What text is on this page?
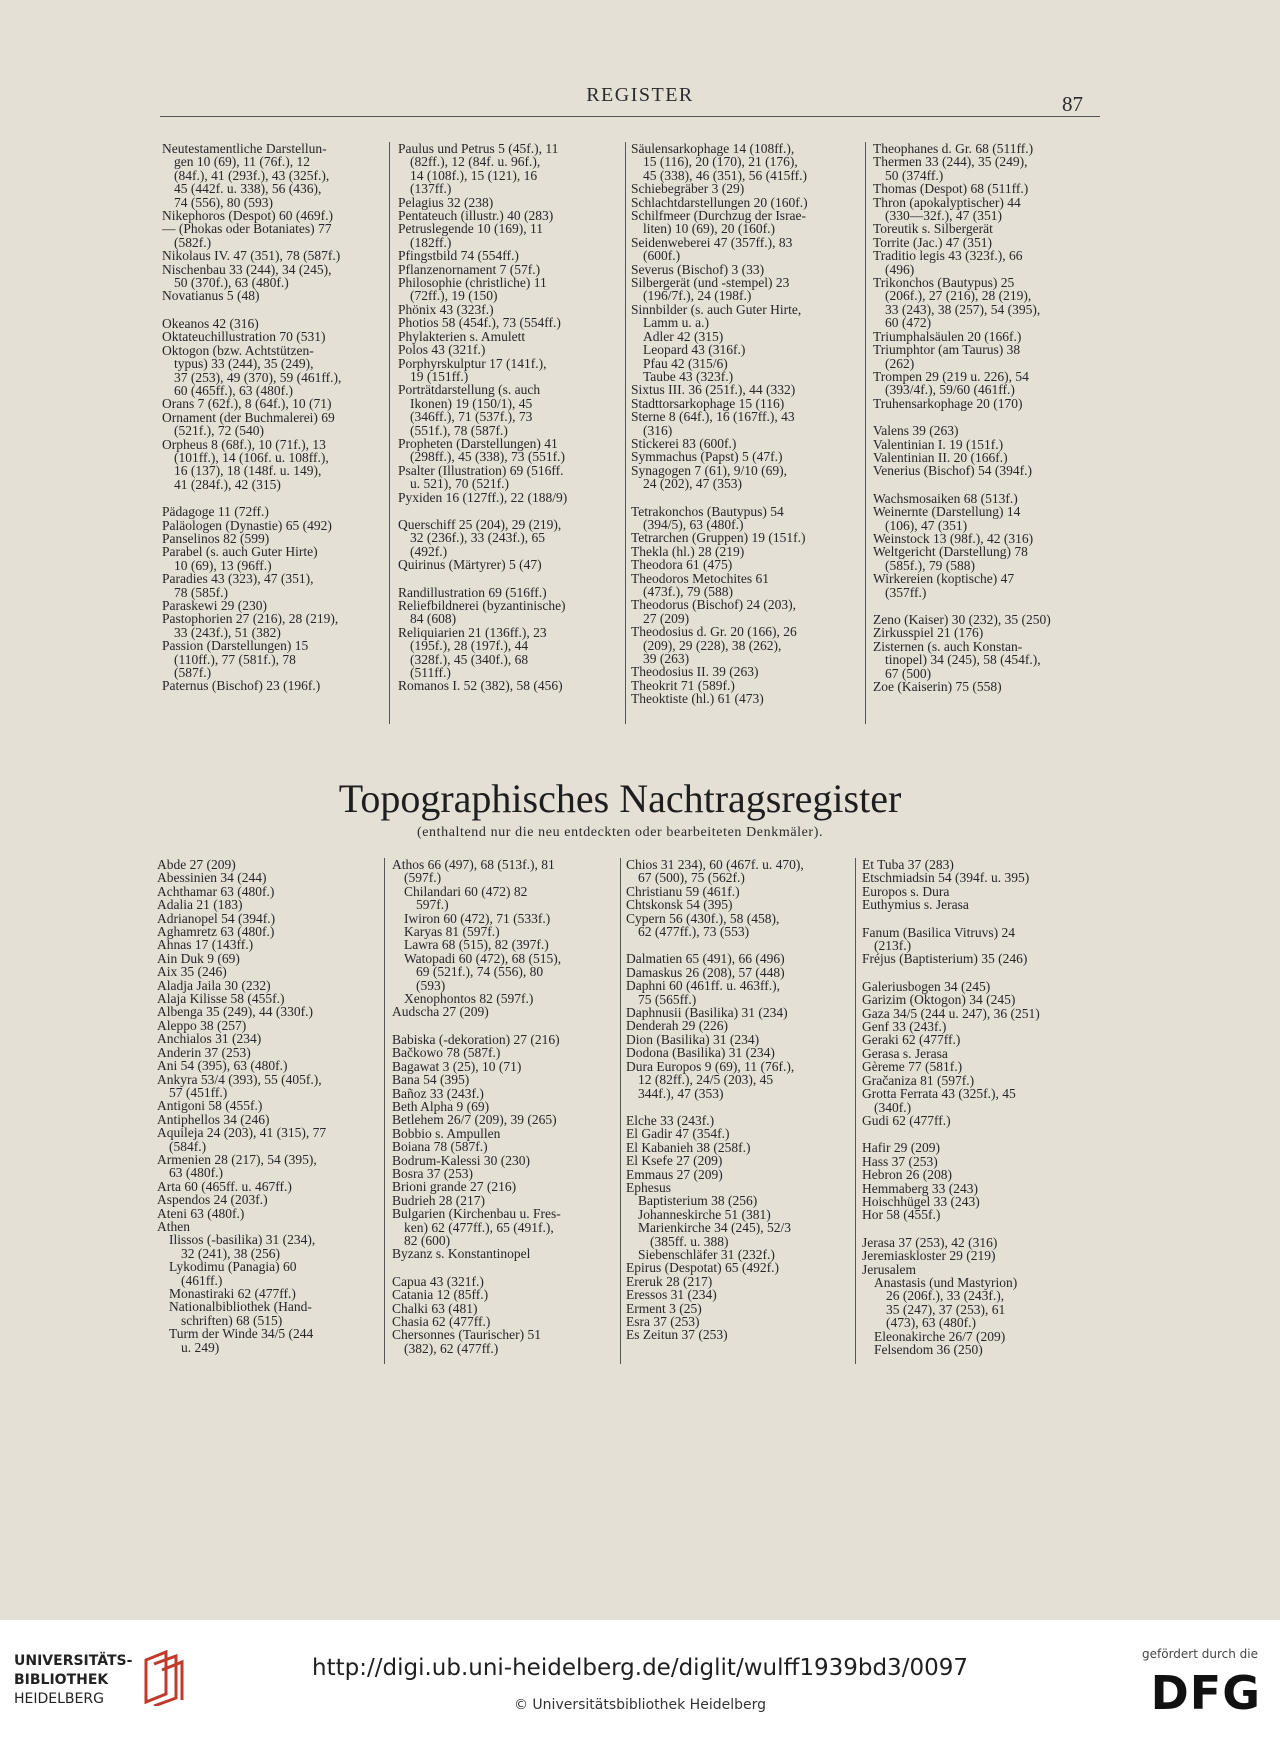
REGISTER	87
Neutestamentliche Darstellun-
gen 10 (69), 11 (76f.), 12
(84f.), 41 (293f.), 43 (325f.),
45 (442f. u. 338), 56 (436),
74 (556), 80 (593)
Nikephoros (Despot) 60 (469f.)
— (Phokas oder Botaniates) 77
(582f.)
Nikolaus IV. 47 (351), 78 (587f.)
Nischenbau 33 (244), 34 (245),
50 (370f.), 63 (480f.)
Novatianus 5 (48)
Okeanos 42 (316)
Oktateuchillustration 70 (531)
Oktogon (bzw. Achtstützen-
typus) 33 (244), 35 (249),
37 (253), 49 (370), 59 (461ff.),
60 (465ff.), 63 (480f.)
Orans 7 (62f.), 8 (64f.), 10 (71)
Ornament (der Buchmalerei) 69
(521f.), 72 (540)
Orpheus 8 (68f.), 10 (71f.), 13
(101ff.), 14 (106f. u. 108ff.),
16 (137), 18 (148f. u. 149),
41 (284f.), 42 (315)
Pädagoge 11 (72ff.)
Paläologen (Dynastie) 65 (492)
Panselinos 82 (599)
Parabel (s. auch Guter Hirte)
10 (69), 13 (96ff.)
Paradies 43 (323), 47 (351),
78 (585f.)
Paraskewi 29 (230)
Pastophorien 27 (216), 28 (219),
33 (243f.), 51 (382)
Passion (Darstellungen) 15
(110ff.), 77 (581f.), 78
(587f.)
Paternus (Bischof) 23 (196f.)
Paulus und Petrus 5 (45f.), 11
(82ff.), 12 (84f. u. 96f.),
14 (108f.), 15 (121), 16
(137ff.)
Pelagius 32 (238)
Pentateuch (illustr.) 40 (283)
Petruslegende 10 (169), 11
(182ff.)
Pfingstbild 74 (554ff.)
Pflanzenornament 7 (57f.)
Philosophie (christliche) 11
(72ff.), 19 (150)
Phönix 43 (323f.)
Photios 58 (454f.), 73 (554ff.)
Phylakterien s. Amulett
Polos 43 (321f.)
Porphyrskulptur 17 (141f.),
19 (151ff.)
Porträtdarstellung (s. auch
Ikonen) 19 (150/1), 45
(346ff.), 71 (537f.), 73
(551f.), 78 (587f.)
Propheten (Darstellungen) 41
(298ff.), 45 (338), 73 (551f.)
Psalter (Illustration) 69 (516ff.
u. 521), 70 (521f.)
Pyxiden 16 (127ff.), 22 (188/9)
Querschiff 25 (204), 29 (219),
32 (236f.), 33 (243f.), 65
(492f.)
Quirinus (Märtyrer) 5 (47)
Randillustration 69 (516ff.)
Reliefbildnerei (byzantinische)
84 (608)
Reliquiarien 21 (136ff.), 23
(195f.), 28 (197f.), 44
(328f.), 45 (340f.), 68
(511ff.)
Romanos I. 52 (382), 58 (456)
Säulensarkophage 14 (108ff.),
15 (116), 20 (170), 21 (176),
45 (338), 46 (351), 56 (415ff.)
Schiebegräber 3 (29)
Schlachtdarstellungen 20 (160f.)
Schilfmeer (Durchzug der Israe-
liten) 10 (69), 20 (160f.)
Seidenweberei 47 (357ff.), 83
(600f.)
Severus (Bischof) 3 (33)
Silbergerät (und -stempel) 23
(196/7f.), 24 (198f.)
Sinnbilder (s. auch Guter Hirte,
Lamm u. a.)
Adler 42 (315)
Leopard 43 (316f.)
Pfau 42 (315/6)
Taube 43 (323f.)
Sixtus III. 36 (251f.), 44 (332)
Stadttorsarkophage 15 (116)
Sterne 8 (64f.), 16 (167ff.), 43
(316)
Stickerei 83 (600f.)
Symmachus (Papst) 5 (47f.)
Synagogen 7 (61), 9/10 (69),
24 (202), 47 (353)
Tetrakonchos (Bautypus) 54
(394/5), 63 (480f.)
Tetrarchen (Gruppen) 19 (151f.)
Thekla (hl.) 28 (219)
Theodora 61 (475)
Theodoros Metochites 61
(473f.), 79 (588)
Theodorus (Bischof) 24 (203),
27 (209)
Theodosius d. Gr. 20 (166), 26
(209), 29 (228), 38 (262),
39 (263)
Theodosius II. 39 (263)
Theokrit 71 (589f.)
Theoktiste (hl.) 61 (473)
Theophanes d. Gr. 68 (511ff.)
Thermen 33 (244), 35 (249),
50 (374ff.)
Thomas (Despot) 68 (511ff.)
Thron (apokalyptischer) 44
(330—32f.), 47 (351)
Toreutik s. Silbergerät
Torrite (Jac.) 47 (351)
Traditio legis 43 (323f.), 66
(496)
Trikonchos (Bautypus) 25
(206f.), 27 (216), 28 (219),
33 (243), 38 (257), 54 (395),
60 (472)
Triumphalsäulen 20 (166f.)
Triumphtor (am Taurus) 38
(262)
Trompen 29 (219 u. 226), 54
(393/4f.), 59/60 (461ff.)
Truhensarkophage 20 (170)
Valens 39 (263)
Valentinian I. 19 (151f.)
Valentinian II. 20 (166f.)
Venerius (Bischof) 54 (394f.)
Wachsmosaiken 68 (513f.)
Weinernte (Darstellung) 14
(106), 47 (351)
Weinstock 13 (98f.), 42 (316)
Weltgericht (Darstellung) 78
(585f.), 79 (588)
Wirkereien (koptische) 47
(357ff.)
Zeno (Kaiser) 30 (232), 35 (250)
Zirkusspiel 21 (176)
Zisternen (s. auch Konstan-
tinopel) 34 (245), 58 (454f.),
67 (500)
Zoe (Kaiserin) 75 (558)
Topographisches Nachtragsregister
(enthaltend nur die neu entdeckten oder bearbeiteten Denkmäler).
Abde 27 (209)
Abessinien 34 (244)
Achthamar 63 (480f.)
Adalia 21 (183)
Adrianopel 54 (394f.)
Aghamretz 63 (480f.)
Ahnas 17 (143ff.)
Ain Duk 9 (69)
Aix 35 (246)
Aladja Jaila 30 (232)
Alaja Kilisse 58 (455f.)
Albenga 35 (249), 44 (330f.)
Aleppo 38 (257)
Anchialos 31 (234)
Anderin 37 (253)
Ani 54 (395), 63 (480f.)
Ankyra 53/4 (393), 55 (405f.),
57 (451ff.)
Antigoni 58 (455f.)
Antiphellos 34 (246)
Aquileja 24 (203), 41 (315), 77
(584f.)
Armenien 28 (217), 54 (395),
63 (480f.)
Arta 60 (465ff. u. 467ff.)
Aspendos 24 (203f.)
Ateni 63 (480f.)
Athen
Ilissos (-basilika) 31 (234),
32 (241), 38 (256)
Lykodimu (Panagia) 60
(461ff.)
Monastiraki 62 (477ff.)
Nationalbibliothek (Hand-
schriften) 68 (515)
Turm der Winde 34/5 (244
u. 249)
Athos 66 (497), 68 (513f.), 81
(597f.)
Chilandari 60 (472) 82
597f.)
Iwiron 60 (472), 71 (533f.)
Karyas 81 (597f.)
Lawra 68 (515), 82 (397f.)
Watopadi 60 (472), 68 (515),
69 (521f.), 74 (556), 80
(593)
Xenophontos 82 (597f.)
Audscha 27 (209)
Babiska (-dekoration) 27 (216)
Bačkowo 78 (587f.)
Bagawat 3 (25), 10 (71)
Bana 54 (395)
Bañoz 33 (243f.)
Beth Alpha 9 (69)
Betlehem 26/7 (209), 39 (265)
Bobbio s. Ampullen
Boiana 78 (587f.)
Bodrum-Kalessi 30 (230)
Bosra 37 (253)
Brioni grande 27 (216)
Budrieh 28 (217)
Bulgarien (Kirchenbau u. Fres-
ken) 62 (477ff.), 65 (491f.),
82 (600)
Byzanz s. Konstantinopel
Capua 43 (321f.)
Catania 12 (85ff.)
Chalki 63 (481)
Chasia 62 (477ff.)
Chersonnes (Taurischer) 51
(382), 62 (477ff.)
Chios 31 234), 60 (467f. u. 470),
67 (500), 75 (562f.)
Christianu 59 (461f.)
Chtskonsk 54 (395)
Cypern 56 (430f.), 58 (458),
62 (477ff.), 73 (553)
Dalmatien 65 (491), 66 (496)
Damaskus 26 (208), 57 (448)
Daphni 60 (461ff. u. 463ff.),
75 (565ff.)
Daphnusii (Basilika) 31 (234)
Denderah 29 (226)
Dion (Basilika) 31 (234)
Dodona (Basilika) 31 (234)
Dura Europos 9 (69), 11 (76f.),
12 (82ff.), 24/5 (203), 45
344f.), 47 (353)
Elche 33 (243f.)
El Gadir 47 (354f.)
El Kabanieh 38 (258f.)
El Ksefe 27 (209)
Emmaus 27 (209)
Ephesus
Baptisterium 38 (256)
Johanneskirche 51 (381)
Marienkirche 34 (245), 52/3
(385ff. u. 388)
Siebenschläfer 31 (232f.)
Epirus (Despotat) 65 (492f.)
Ereruk 28 (217)
Eressos 31 (234)
Erment 3 (25)
Esra 37 (253)
Es Zeitun 37 (253)
Et Tuba 37 (283)
Etschmiadsin 54 (394f. u. 395)
Europos s. Dura
Euthymius s. Jerasa
Fanum (Basilica Vitruvs) 24
(213f.)
Fréjus (Baptisterium) 35 (246)
Galeriusbogen 34 (245)
Garizim (Oktogon) 34 (245)
Gaza 34/5 (244 u. 247), 36 (251)
Genf 33 (243f.)
Geraki 62 (477ff.)
Gerasa s. Jerasa
Gèreme 77 (581f.)
Gračaniza 81 (597f.)
Grotta Ferrata 43 (325f.), 45
(340f.)
Gudi 62 (477ff.)
Hafir 29 (209)
Hass 37 (253)
Hebron 26 (208)
Hemmaberg 33 (243)
Hoischhügel 33 (243)
Hor 58 (455f.)
Jerasa 37 (253), 42 (316)
Jeremiaskloster 29 (219)
Jerusalem
Anastasis (und Mastyrion)
26 (206f.), 33 (243f.),
35 (247), 37 (253), 61
(473), 63 (480f.)
Eleonakirche 26/7 (209)
Felsendom 36 (250)
UNIVERSITÄTS-
BIBLIOTHEK
HEIDELBERG
http://digi.ub.uni-heidelberg.de/diglit/wulff1939bd3/0097
© Universitätsbibliothek Heidelberg
gefördert durch die
DFG
